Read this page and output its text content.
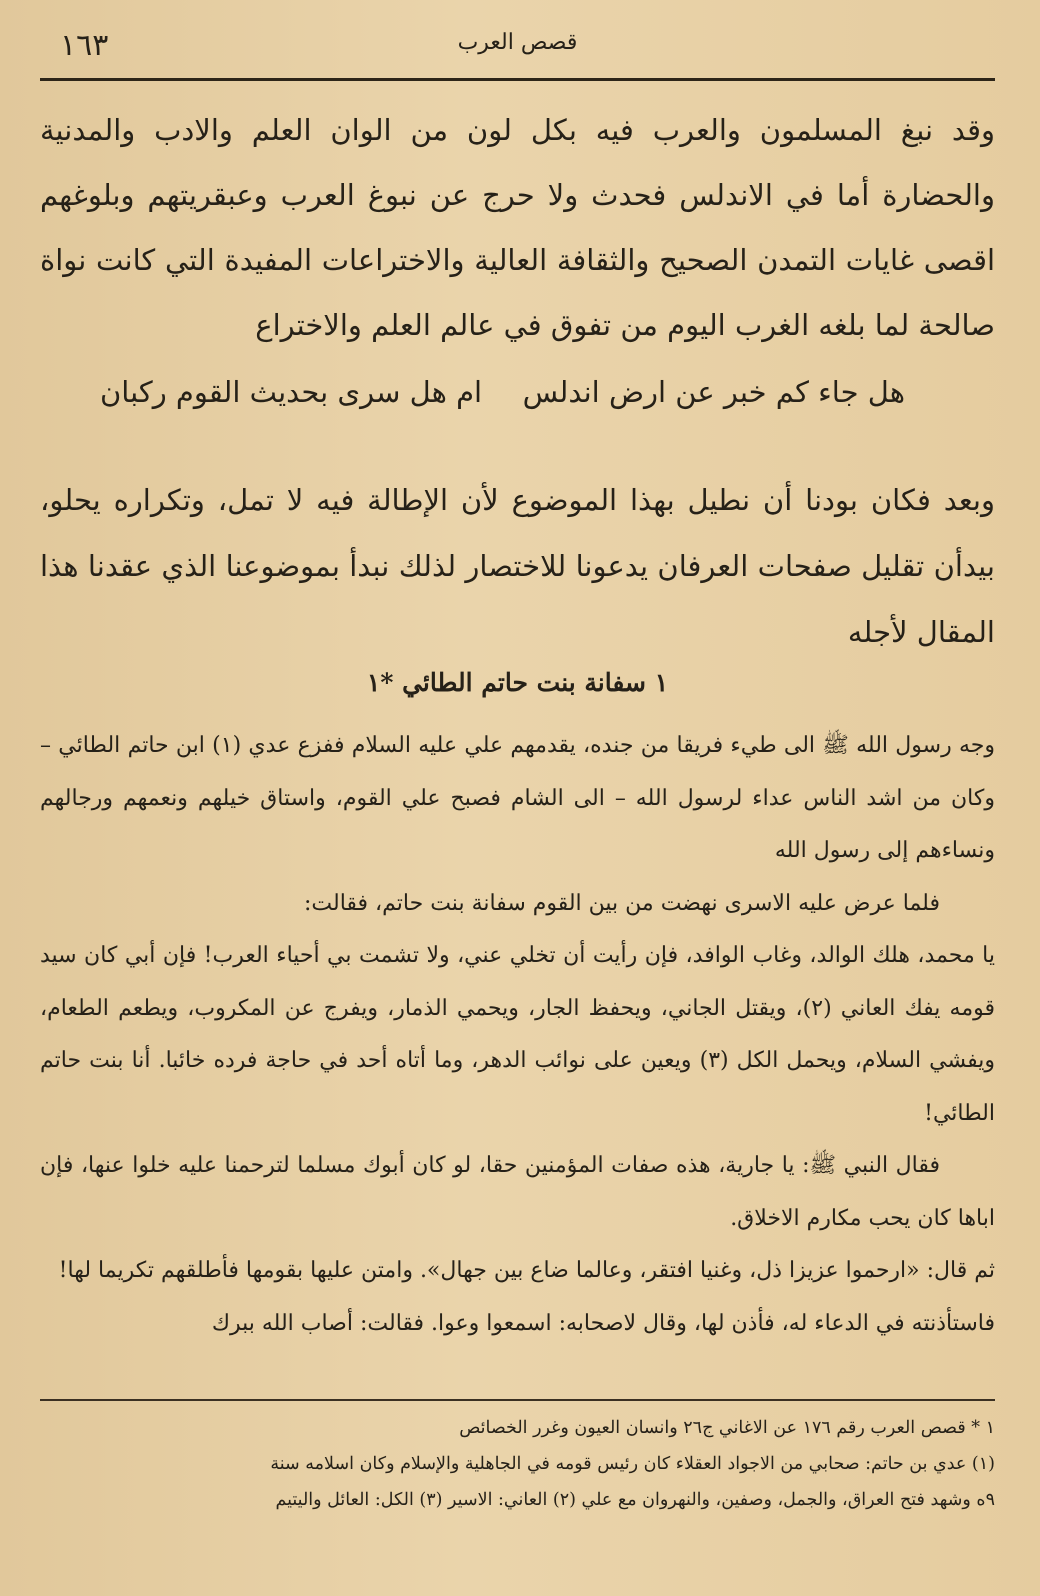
١٦٣	قصص العرب

وقد نبغ المسلمون والعرب فيه بكل لون من الوان العلم والادب والمدنية والحضارة أما في الاندلس فحدث ولا حرج عن نبوغ العرب وعبقريتهم وبلوغهم اقصى غايات التمدن الصحيح والثقافة العالية والاختراعات المفيدة التي كانت نواة صالحة لما بلغه الغرب اليوم من تفوق في عالم العلم والاختراع

هل جاء كم خبر عن ارض اندلس
ام هل سرى بحديث القوم ركبان

وبعد فكان بودنا أن نطيل بهذا الموضوع لأن الإطالة فيه لا تمل، وتكراره يحلو، بيدأن تقليل صفحات العرفان يدعونا للاختصار لذلك نبدأ بموضوعنا الذي عقدنا هذا المقال لأجله

١ سفانة بنت حاتم الطائي *١

وجه رسول الله ﷺ الى طيء فريقا من جنده، يقدمهم علي عليه السلام ففزع عدي (١) ابن حاتم الطائي – وكان من اشد الناس عداء لرسول الله – الى الشام فصبح علي القوم، واستاق خيلهم ونعمهم ورجالهم ونساءهم إلى رسول الله

فلما عرض عليه الاسرى نهضت من بين القوم سفانة بنت حاتم، فقالت:

يا محمد، هلك الوالد، وغاب الوافد، فإن رأيت أن تخلي عني، ولا تشمت بي أحياء العرب! فإن أبي كان سيد قومه يفك العاني (٢)، ويقتل الجاني، ويحفظ الجار، ويحمي الذمار، ويفرج عن المكروب، ويطعم الطعام، ويفشي السلام، ويحمل الكل (٣) ويعين على نوائب الدهر، وما أتاه أحد في حاجة فرده خائبا. أنا بنت حاتم الطائي!

فقال النبي ﷺ: يا جارية، هذه صفات المؤمنين حقا، لو كان أبوك مسلما لترحمنا عليه خلوا عنها، فإن اباها كان يحب مكارم الاخلاق.

ثم قال: «ارحموا عزيزا ذل، وغنيا افتقر، وعالما ضاع بين جهال». وامتن عليها بقومها فأطلقهم تكريما لها!

فاستأذنته في الدعاء له، فأذن لها، وقال لاصحابه: اسمعوا وعوا. فقالت: أصاب الله ببرك

١ * قصص العرب رقم ١٧٦ عن الاغاني ج٢٦ وانسان العيون وغرر الخصائص
(١) عدي بن حاتم: صحابي من الاجواد العقلاء كان رئيس قومه في الجاهلية والإسلام وكان اسلامه سنة
٩ه وشهد فتح العراق، والجمل، وصفين، والنهروان مع علي (٢) العاني: الاسير (٣) الكل: العائل واليتيم
